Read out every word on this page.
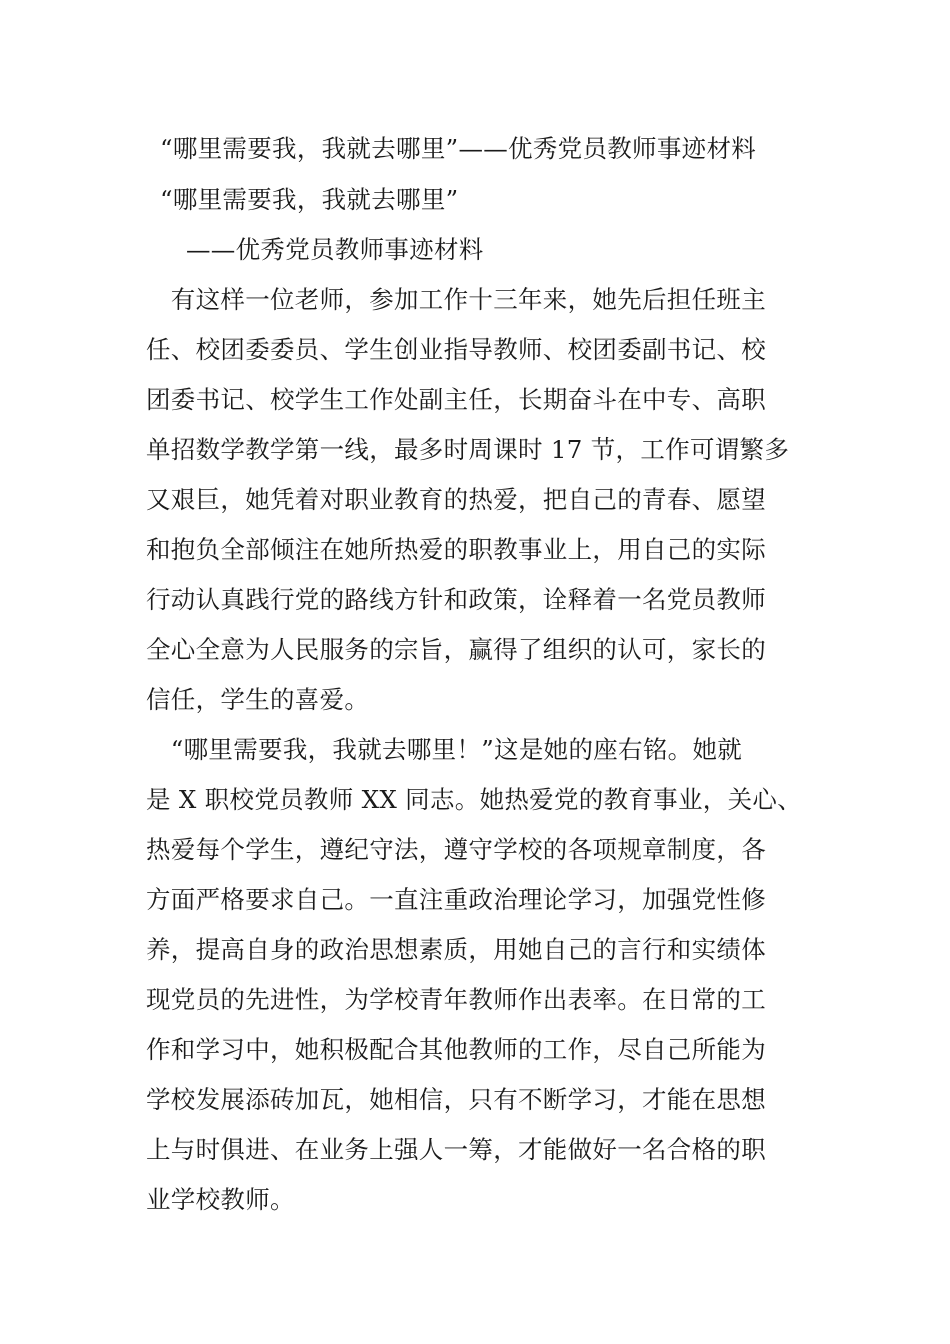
“哪里需要我，我就去哪里”——优秀党员教师事迹材料
“哪里需要我，我就去哪里”
——优秀党员教师事迹材料
　有这样一位老师，参加工作十三年来，她先后担任班主
任、校团委委员、学生创业指导教师、校团委副书记、校
团委书记、校学生工作处副主任，长期奋斗在中专、高职
单招数学教学第一线，最多时周课时 17 节，工作可谓繁多
又艰巨，她凭着对职业教育的热爱，把自己的青春、愿望
和抱负全部倾注在她所热爱的职教事业上，用自己的实际
行动认真践行党的路线方针和政策，诠释着一名党员教师
全心全意为人民服务的宗旨，赢得了组织的认可，家长的
信任，学生的喜爱。
　“哪里需要我，我就去哪里！”这是她的座右铭。她就
是 X 职校党员教师 XX 同志。她热爱党的教育事业，关心、
热爱每个学生，遵纪守法，遵守学校的各项规章制度，各
方面严格要求自己。一直注重政治理论学习，加强党性修
养，提高自身的政治思想素质，用她自己的言行和实绩体
现党员的先进性，为学校青年教师作出表率。在日常的工
作和学习中，她积极配合其他教师的工作，尽自己所能为
学校发展添砖加瓦，她相信，只有不断学习，才能在思想
上与时俱进、在业务上强人一筹，才能做好一名合格的职
业学校教师。
